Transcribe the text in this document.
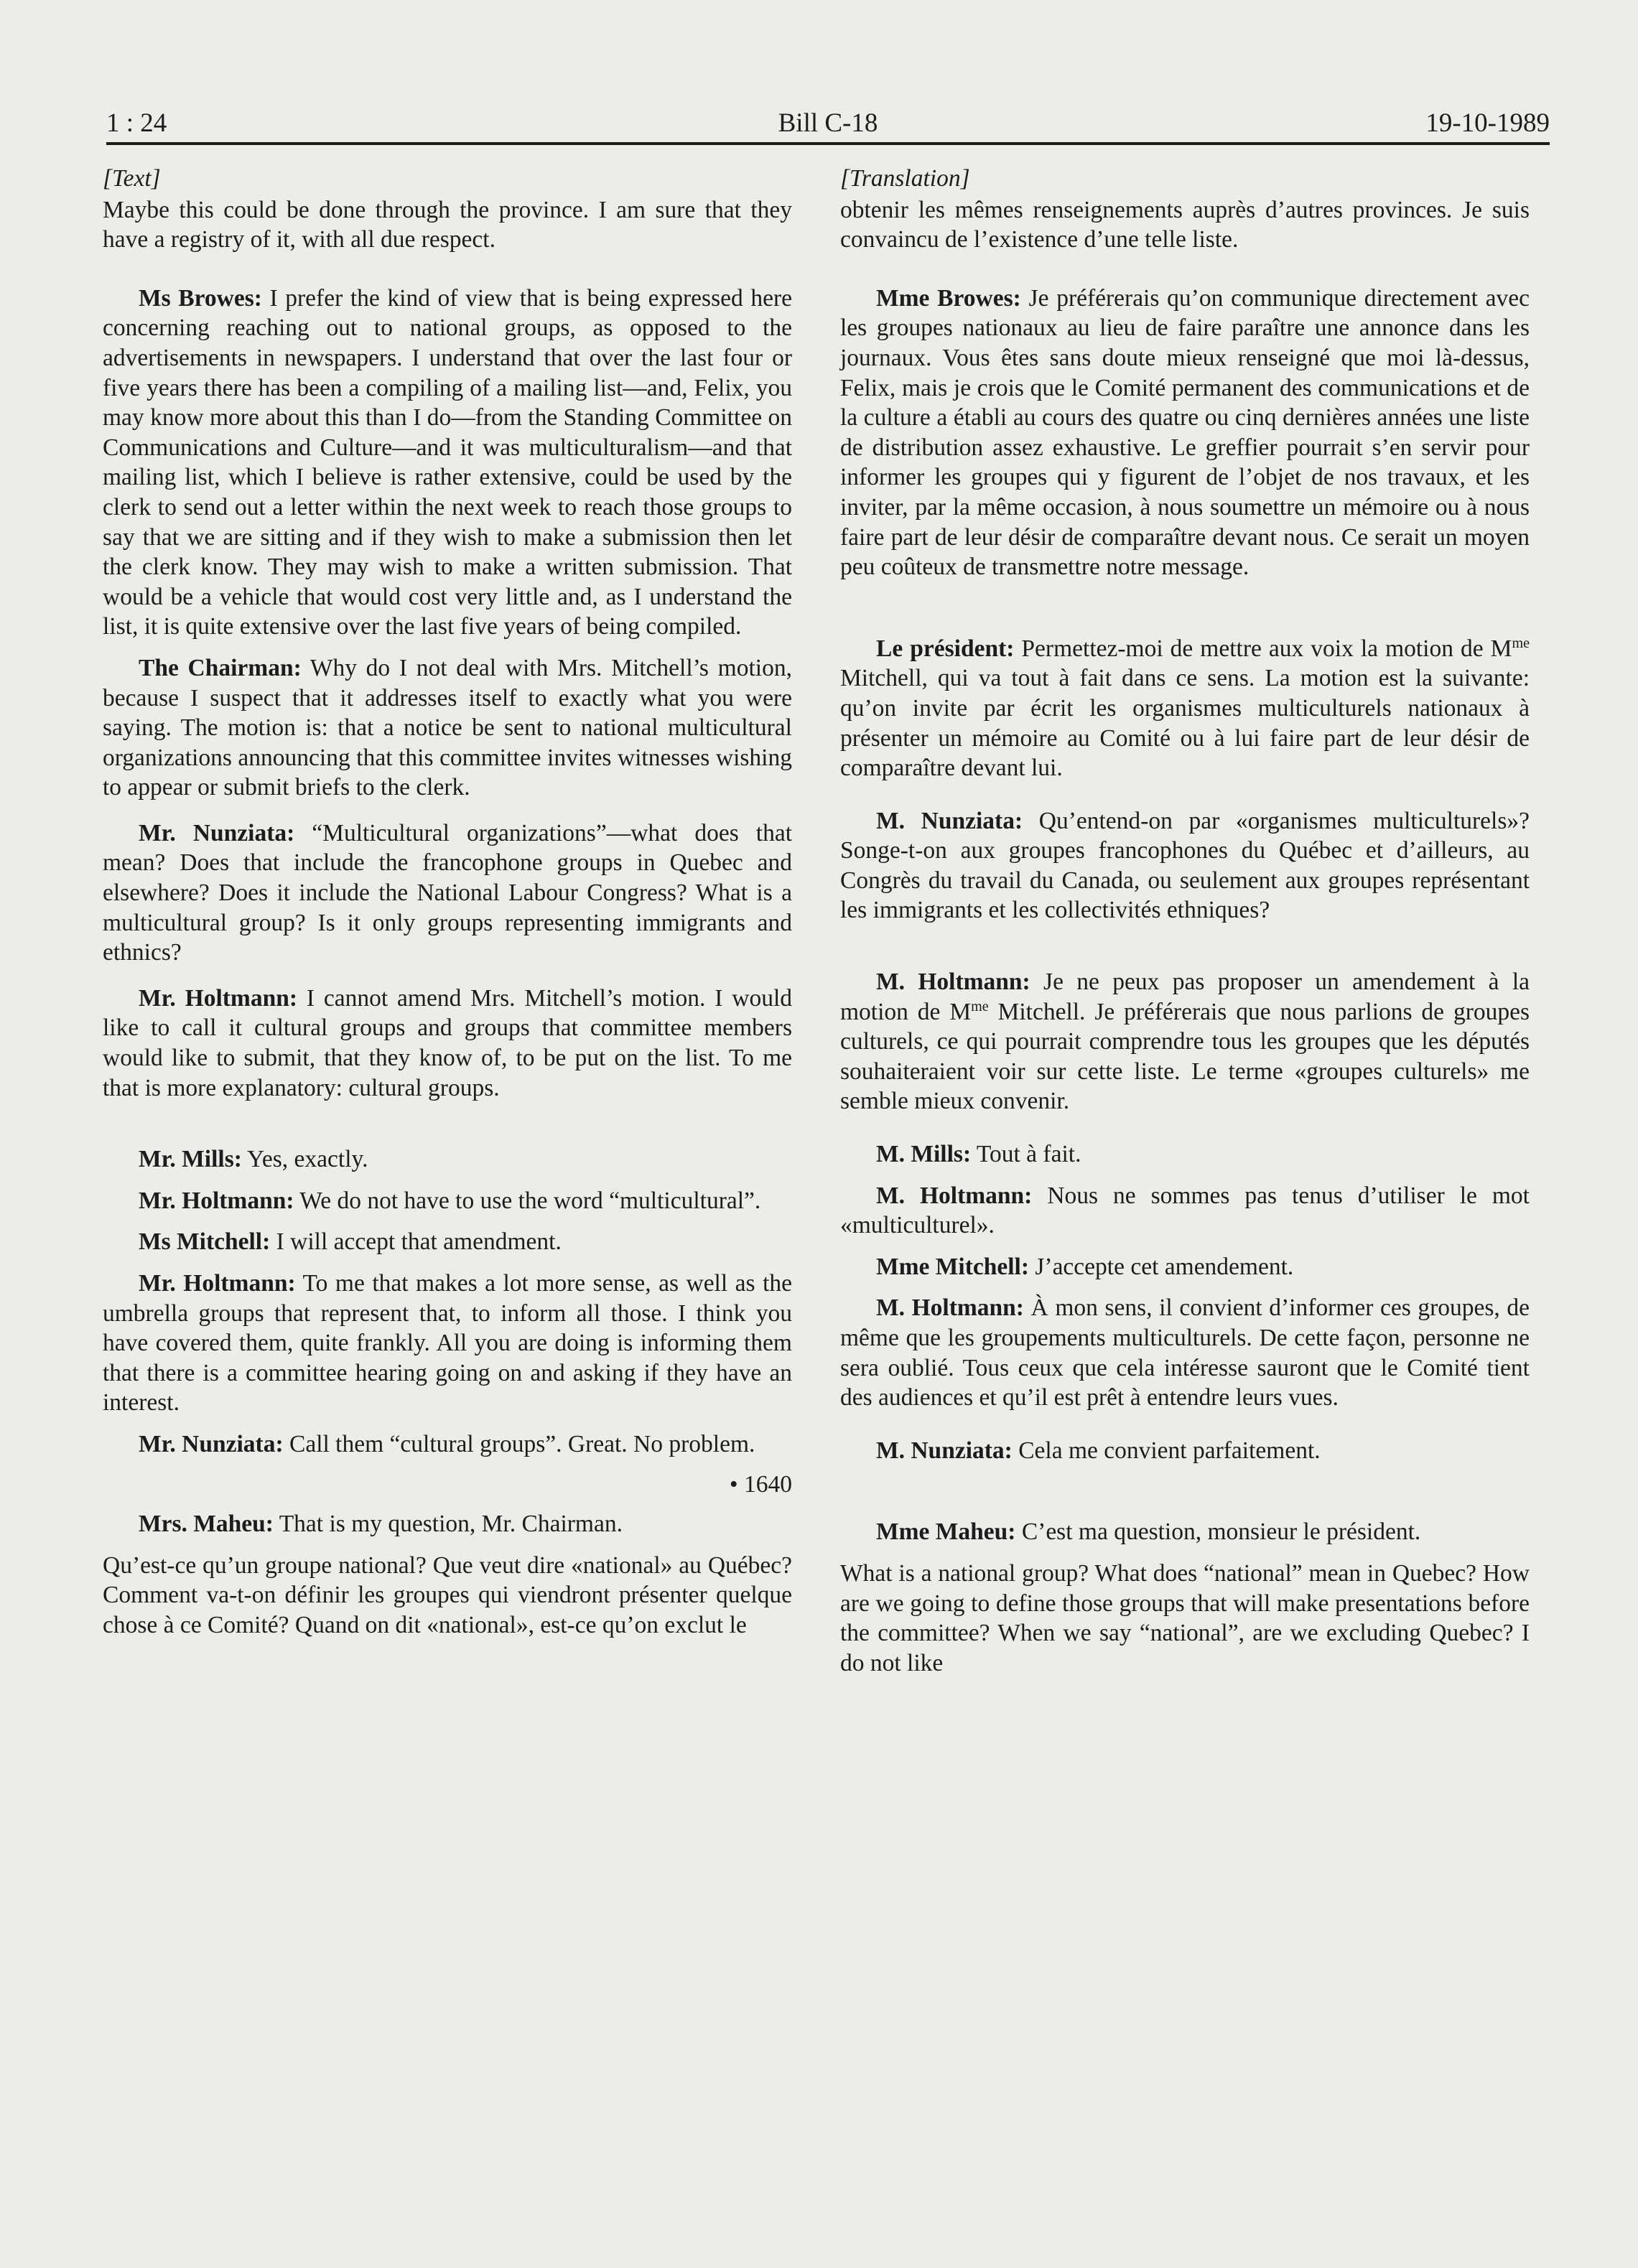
1 : 24	Bill C-18	19-10-1989

[Text]

Maybe this could be done through the province. I am sure that they have a registry of it, with all due respect.

Ms Browes: I prefer the kind of view that is being expressed here concerning reaching out to national groups, as opposed to the advertisements in newspapers. I understand that over the last four or five years there has been a compiling of a mailing list—and, Felix, you may know more about this than I do—from the Standing Committee on Communications and Culture—and it was multiculturalism—and that mailing list, which I believe is rather extensive, could be used by the clerk to send out a letter within the next week to reach those groups to say that we are sitting and if they wish to make a submission then let the clerk know. They may wish to make a written submission. That would be a vehicle that would cost very little and, as I understand the list, it is quite extensive over the last five years of being compiled.

The Chairman: Why do I not deal with Mrs. Mitchell’s motion, because I suspect that it addresses itself to exactly what you were saying. The motion is: that a notice be sent to national multicultural organizations announcing that this committee invites witnesses wishing to appear or submit briefs to the clerk.

Mr. Nunziata: “Multicultural organizations”—what does that mean? Does that include the francophone groups in Quebec and elsewhere? Does it include the National Labour Congress? What is a multicultural group? Is it only groups representing immigrants and ethnics?

Mr. Holtmann: I cannot amend Mrs. Mitchell’s motion. I would like to call it cultural groups and groups that committee members would like to submit, that they know of, to be put on the list. To me that is more explanatory: cultural groups.

Mr. Mills: Yes, exactly.

Mr. Holtmann: We do not have to use the word “multicultural”.

Ms Mitchell: I will accept that amendment.

Mr. Holtmann: To me that makes a lot more sense, as well as the umbrella groups that represent that, to inform all those. I think you have covered them, quite frankly. All you are doing is informing them that there is a committee hearing going on and asking if they have an interest.

Mr. Nunziata: Call them “cultural groups”. Great. No problem.

• 1640

Mrs. Maheu: That is my question, Mr. Chairman.

Qu’est-ce qu’un groupe national? Que veut dire «national» au Québec? Comment va-t-on définir les groupes qui viendront présenter quelque chose à ce Comité? Quand on dit «national», est-ce qu’on exclut le

[Translation]

obtenir les mêmes renseignements auprès d’autres provinces. Je suis convaincu de l’existence d’une telle liste.

Mme Browes: Je préférerais qu’on communique directement avec les groupes nationaux au lieu de faire paraître une annonce dans les journaux. Vous êtes sans doute mieux renseigné que moi là-dessus, Felix, mais je crois que le Comité permanent des communications et de la culture a établi au cours des quatre ou cinq dernières années une liste de distribution assez exhaustive. Le greffier pourrait s’en servir pour informer les groupes qui y figurent de l’objet de nos travaux, et les inviter, par la même occasion, à nous soumettre un mémoire ou à nous faire part de leur désir de comparaître devant nous. Ce serait un moyen peu coûteux de transmettre notre message.

Le président: Permettez-moi de mettre aux voix la motion de $M^{me}$ Mitchell, qui va tout à fait dans ce sens. La motion est la suivante: qu’on invite par écrit les organismes multiculturels nationaux à présenter un mémoire au Comité ou à lui faire part de leur désir de comparaître devant lui.

M. Nunziata: Qu’entend-on par «organismes multiculturels»? Songe-t-on aux groupes francophones du Québec et d’ailleurs, au Congrès du travail du Canada, ou seulement aux groupes représentant les immigrants et les collectivités ethniques?

M. Holtmann: Je ne peux pas proposer un amendement à la motion de $M^{me}$ Mitchell. Je préférerais que nous parlions de groupes culturels, ce qui pourrait comprendre tous les groupes que les députés souhaiteraient voir sur cette liste. Le terme «groupes culturels» me semble mieux convenir.

M. Mills: Tout à fait.

M. Holtmann: Nous ne sommes pas tenus d’utiliser le mot «multiculturel».

Mme Mitchell: J’accepte cet amendement.

M. Holtmann: À mon sens, il convient d’informer ces groupes, de même que les groupements multiculturels. De cette façon, personne ne sera oublié. Tous ceux que cela intéresse sauront que le Comité tient des audiences et qu’il est prêt à entendre leurs vues.

M. Nunziata: Cela me convient parfaitement.

Mme Maheu: C’est ma question, monsieur le président.

What is a national group? What does “national” mean in Quebec? How are we going to define those groups that will make presentations before the committee? When we say “national”, are we excluding Quebec? I do not like
